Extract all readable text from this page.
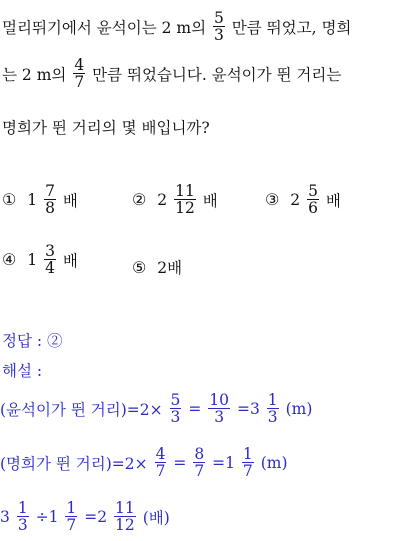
멀리뛰기에서 윤석이는 2 m의 $\frac{5}{3}$ 만큼 뛰었고, 명희
는 2 m의 $\frac{4}{7}$ 만큼 뛰었습니다. 윤석이가 뛴 거리는
명희가 뛴 거리의 몇 배입니까?
① $1 \frac{7}{8}$ 배	② $2 \frac{11}{12}$ 배	③ $2 \frac{5}{6}$ 배
④ $1 \frac{3}{4}$ 배	⑤ 2배
정답 : ②
해설 :
(윤석이가 뛴 거리)$=2\times \frac{5}{3} = \frac{10}{3} =3 \frac{1}{3} (m)$
(명희가 뛴 거리)$=2\times \frac{4}{7} = \frac{8}{7} =1 \frac{1}{7} (m)$
$3 \frac{1}{3} \div 1 \frac{1}{7} =2 \frac{11}{12}$ (배)
